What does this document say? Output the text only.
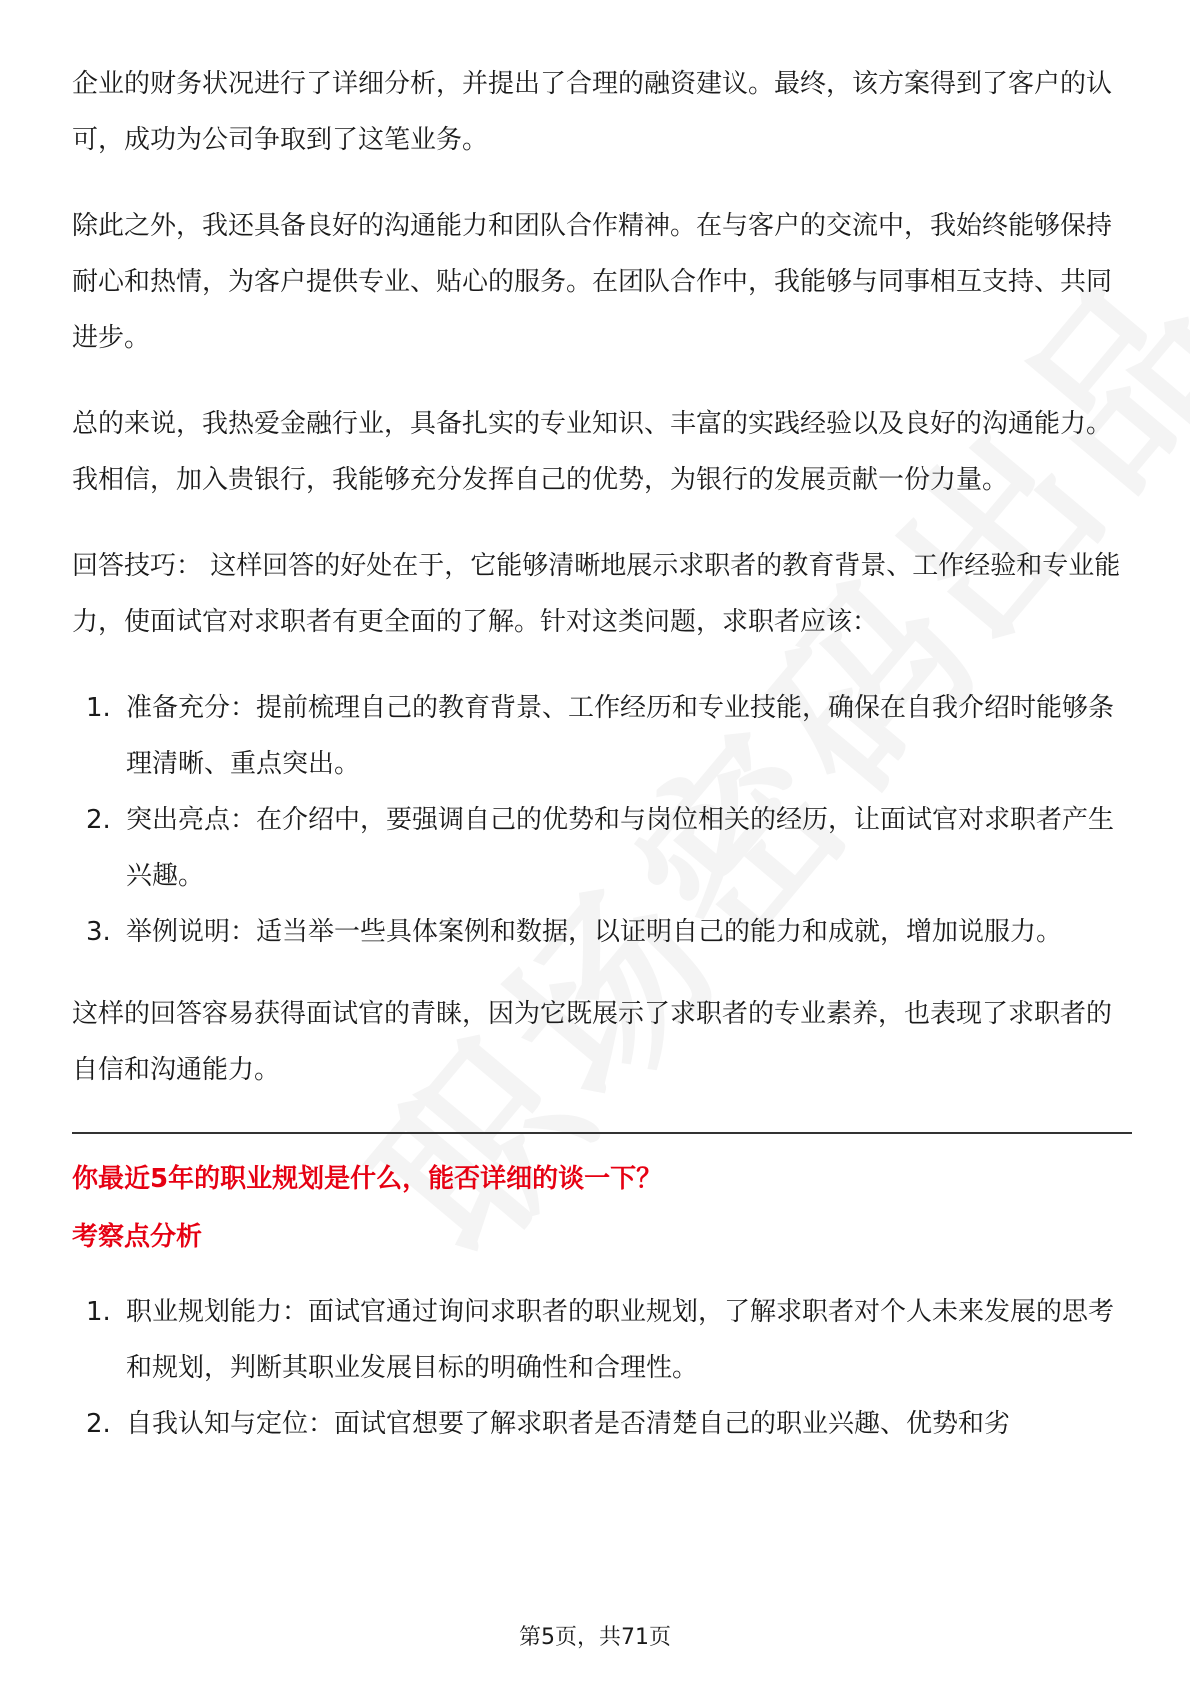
企业的财务状况进行了详细分析，并提出了合理的融资建议。最终，该方案得到了客户的认可，成功为公司争取到了这笔业务。

除此之外，我还具备良好的沟通能力和团队合作精神。在与客户的交流中，我始终能够保持耐心和热情，为客户提供专业、贴心的服务。在团队合作中，我能够与同事相互支持、共同进步。

总的来说，我热爱金融行业，具备扎实的专业知识、丰富的实践经验以及良好的沟通能力。我相信，加入贵银行，我能够充分发挥自己的优势，为银行的发展贡献一份力量。

回答技巧： 这样回答的好处在于，它能够清晰地展示求职者的教育背景、工作经验和专业能力，使面试官对求职者有更全面的了解。针对这类问题，求职者应该：

1. 准备充分：提前梳理自己的教育背景、工作经历和专业技能，确保在自我介绍时能够条理清晰、重点突出。
2. 突出亮点：在介绍中，要强调自己的优势和与岗位相关的经历，让面试官对求职者产生兴趣。
3. 举例说明：适当举一些具体案例和数据，以证明自己的能力和成就，增加说服力。

这样的回答容易获得面试官的青睐，因为它既展示了求职者的专业素养，也表现了求职者的自信和沟通能力。

你最近5年的职业规划是什么，能否详细的谈一下？

考察点分析

1. 职业规划能力：面试官通过询问求职者的职业规划，了解求职者对个人未来发展的思考和规划，判断其职业发展目标的明确性和合理性。
2. 自我认知与定位：面试官想要了解求职者是否清楚自己的职业兴趣、优势和劣
第5页，共71页
